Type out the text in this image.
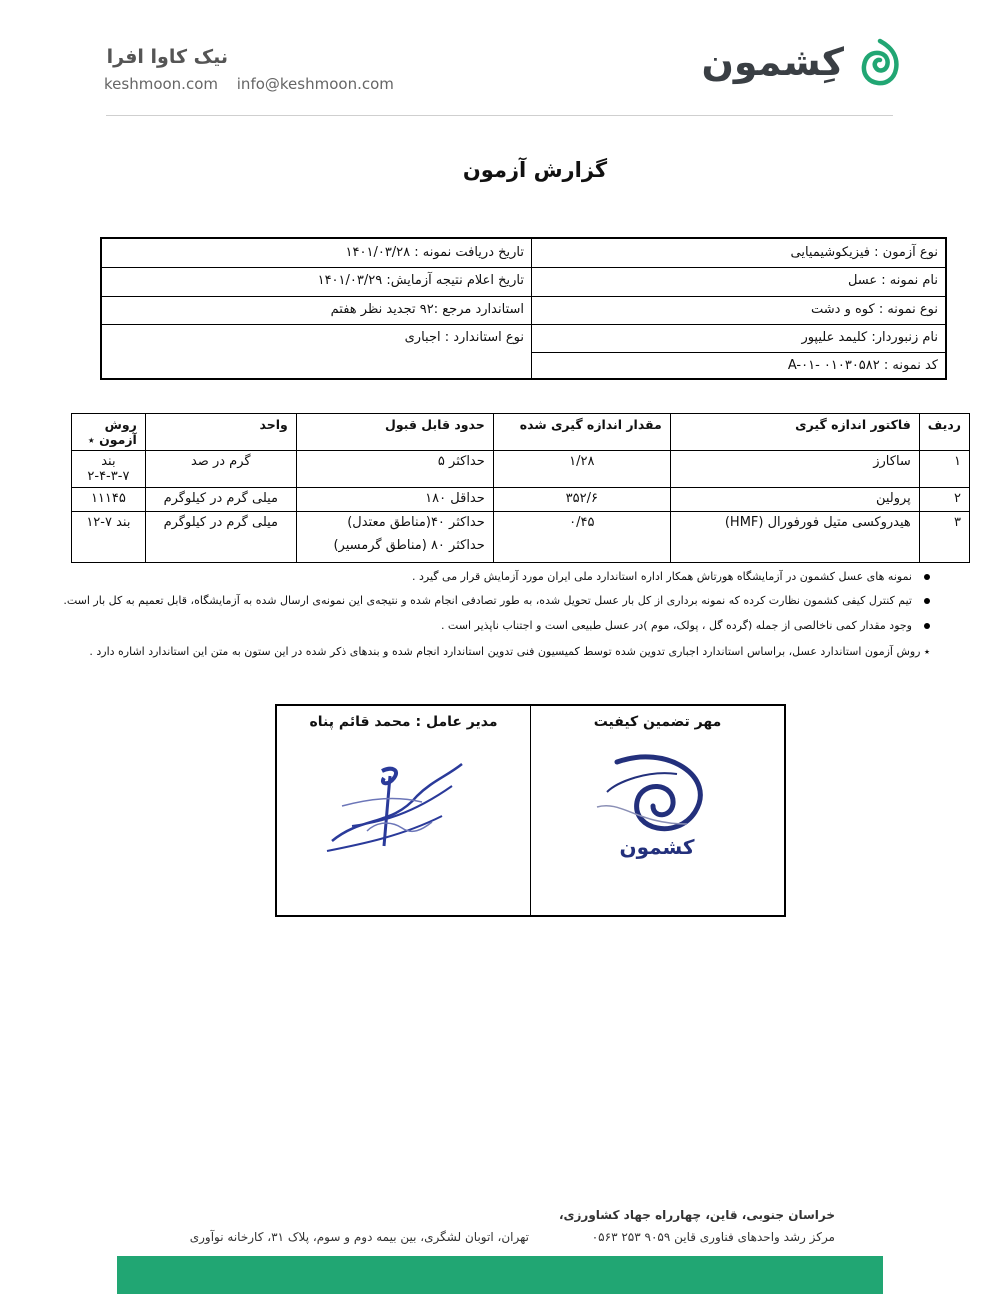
کِشمون
نیک کاوا افرا
keshmoon.com info@keshmoon.com
گزارش آزمون
نوع آزمون : فیزیکوشیمیایی
تاریخ دریافت نمونه : ۱۴۰۱/۰۳/۲۸
نام نمونه : عسل
تاریخ اعلام نتیجه آزمایش: ۱۴۰۱/۰۳/۲۹
نوع نمونه : کوه و دشت
استاندارد مرجع :۹۲ تجدید نظر هفتم
نام زنبوردار: کلیمد علیپور
نوع استاندارد : اجباری
کد نمونه : A-۰۱- ۰۱۰۳۰۵۸۲
ردیف	فاکتور اندازه گیری	مقدار اندازه گیری شده	حدود قابل قبول	واحد	روش آزمون ٭
۱	ساکارز	۱/۲۸	حداکثر ۵	گرم در صد	بند ۷-۳-۴-۲
۲	پرولین	۳۵۲/۶	حداقل ۱۸۰	میلی گرم در کیلوگرم	۱۱۱۴۵
۳	هیدروکسی متیل فورفورال (HMF)	۰/۴۵	حداکثر ۴۰(مناطق معتدل)
حداکثر ۸۰ (مناطق گرمسیر)	میلی گرم در کیلوگرم	بند ۷-۱۲
نمونه های عسل کشمون در آزمایشگاه هورتاش همکار اداره استاندارد ملی ایران مورد آزمایش قرار می گیرد .
تیم کنترل کیفی کشمون نظارت کرده که نمونه برداری از کل بار عسل تحویل شده، به طور تصادفی انجام شده و نتیجه‌ی این نمونه‌ی ارسال شده به آزمایشگاه، قابل تعمیم به کل بار است.
وجود مقدار کمی ناخالصی از جمله (گرده گل ، پولک، موم )در عسل طبیعی است و اجتناب ناپذیر است .
٭ روش آزمون استاندارد عسل، براساس استاندارد اجباری تدوین شده توسط کمیسیون فنی تدوین استاندارد انجام شده و بندهای ذکر شده در این ستون به متن این استاندارد اشاره دارد .
مهر تضمین کیفیت
مدیر عامل : محمد قائم پناه
کشمون
خراسان جنوبی، قاین، چهارراه جهاد کشاورزی،
مرکز رشد واحدهای فناوری قاین ۹۰۵۹ ۲۵۳ ۰۵۶۳
تهران، اتوبان لشگری، بین بیمه دوم و سوم، پلاک ۳۱، کارخانه نوآوری
